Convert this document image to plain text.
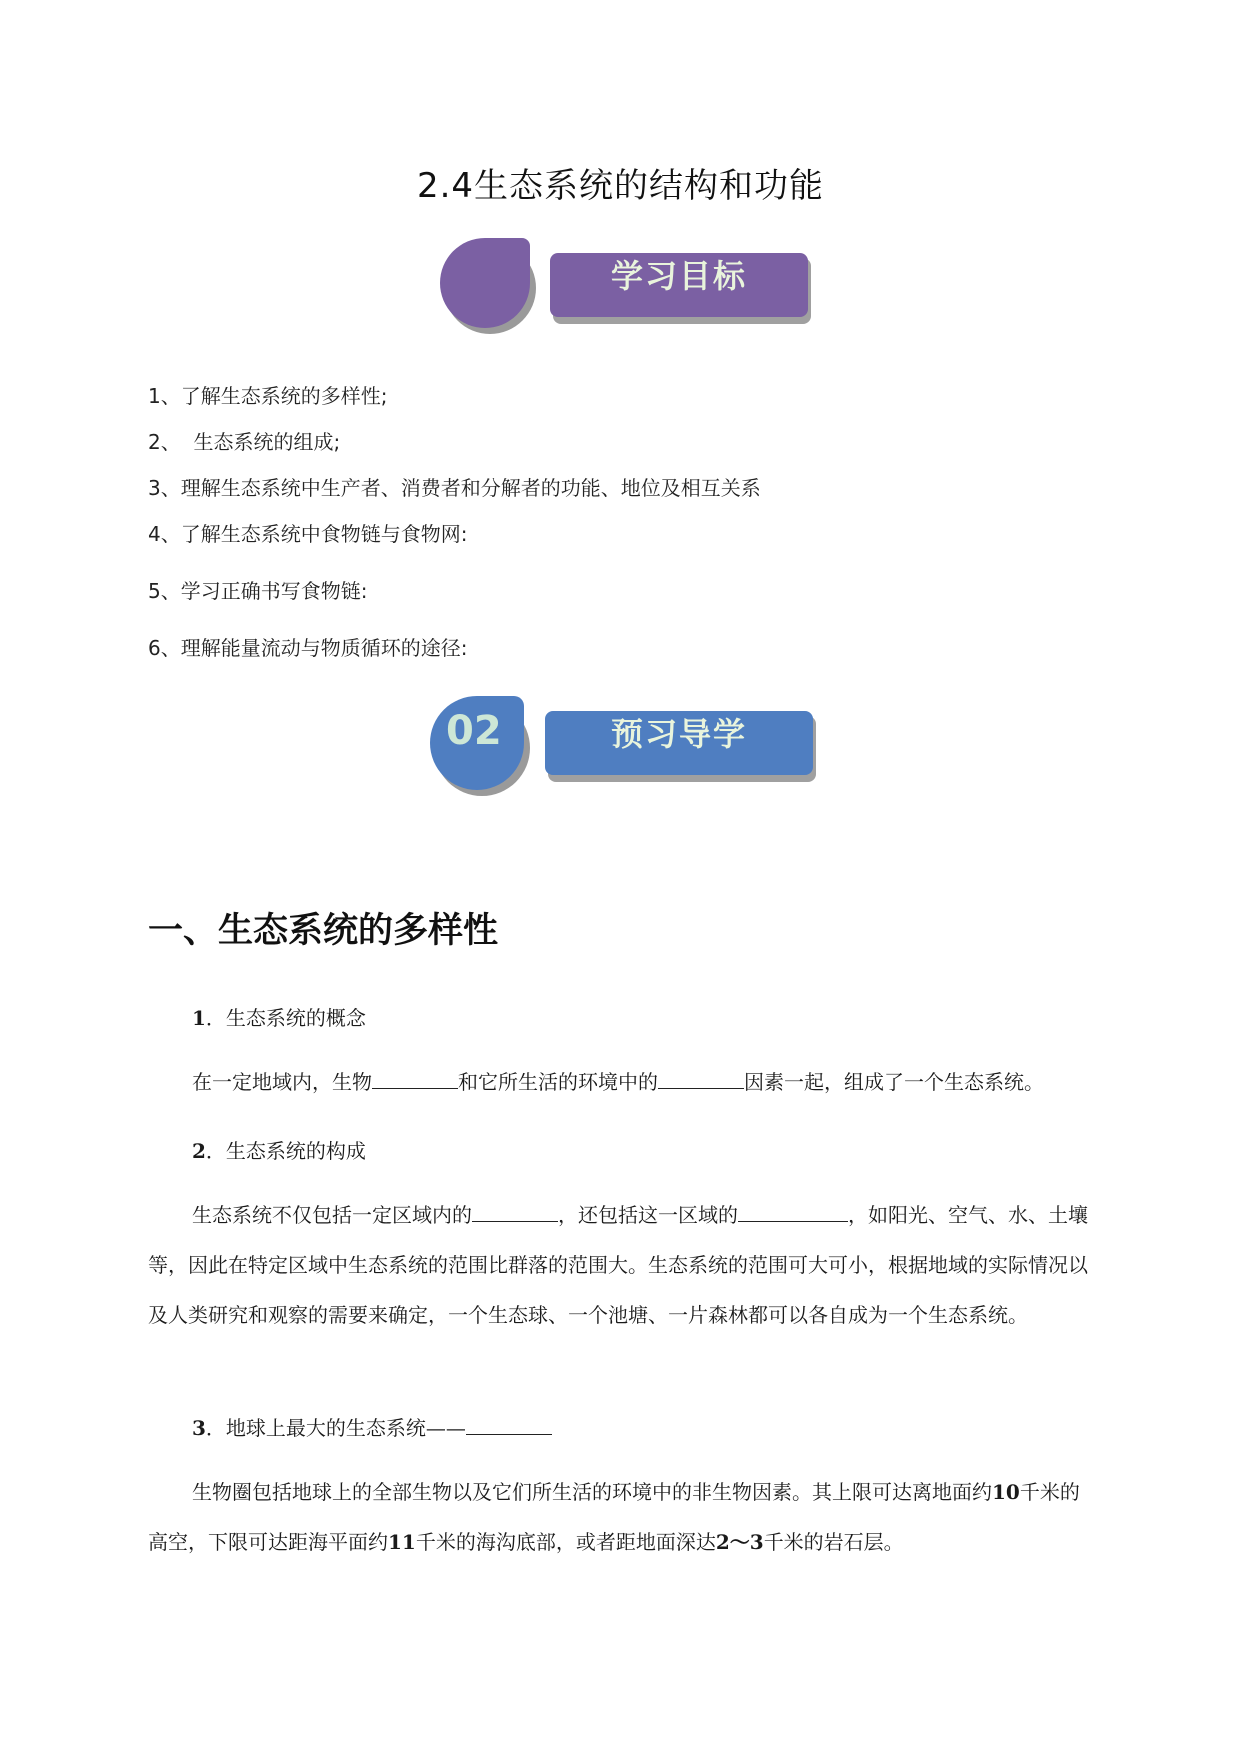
2.4生态系统的结构和功能
学习目标
1、了解生态系统的多样性;
2、  生态系统的组成;
3、理解生态系统中生产者、消费者和分解者的功能、地位及相互关系
4、了解生态系统中食物链与食物网:
5、学习正确书写食物链:
6、理解能量流动与物质循环的途径:
02	预习导学
一、生态系统的多样性
1．生态系统的概念
在一定地域内，生物	和它所生活的环境中的	因素一起，组成了一个生态系统。
2．生态系统的构成
生态系统不仅包括一定区域内的	，还包括这一区域的	，如阳光、空气、水、土壤等，因此在特定区域中生态系统的范围比群落的范围大。生态系统的范围可大可小，根据地域的实际情况以及人类研究和观察的需要来确定，一个生态球、一个池塘、一片森林都可以各自成为一个生态系统。
3．地球上最大的生态系统——
生物圈包括地球上的全部生物以及它们所生活的环境中的非生物因素。其上限可达离地面约10千米的高空，下限可达距海平面约11千米的海沟底部，或者距地面深达2～3千米的岩石层。
